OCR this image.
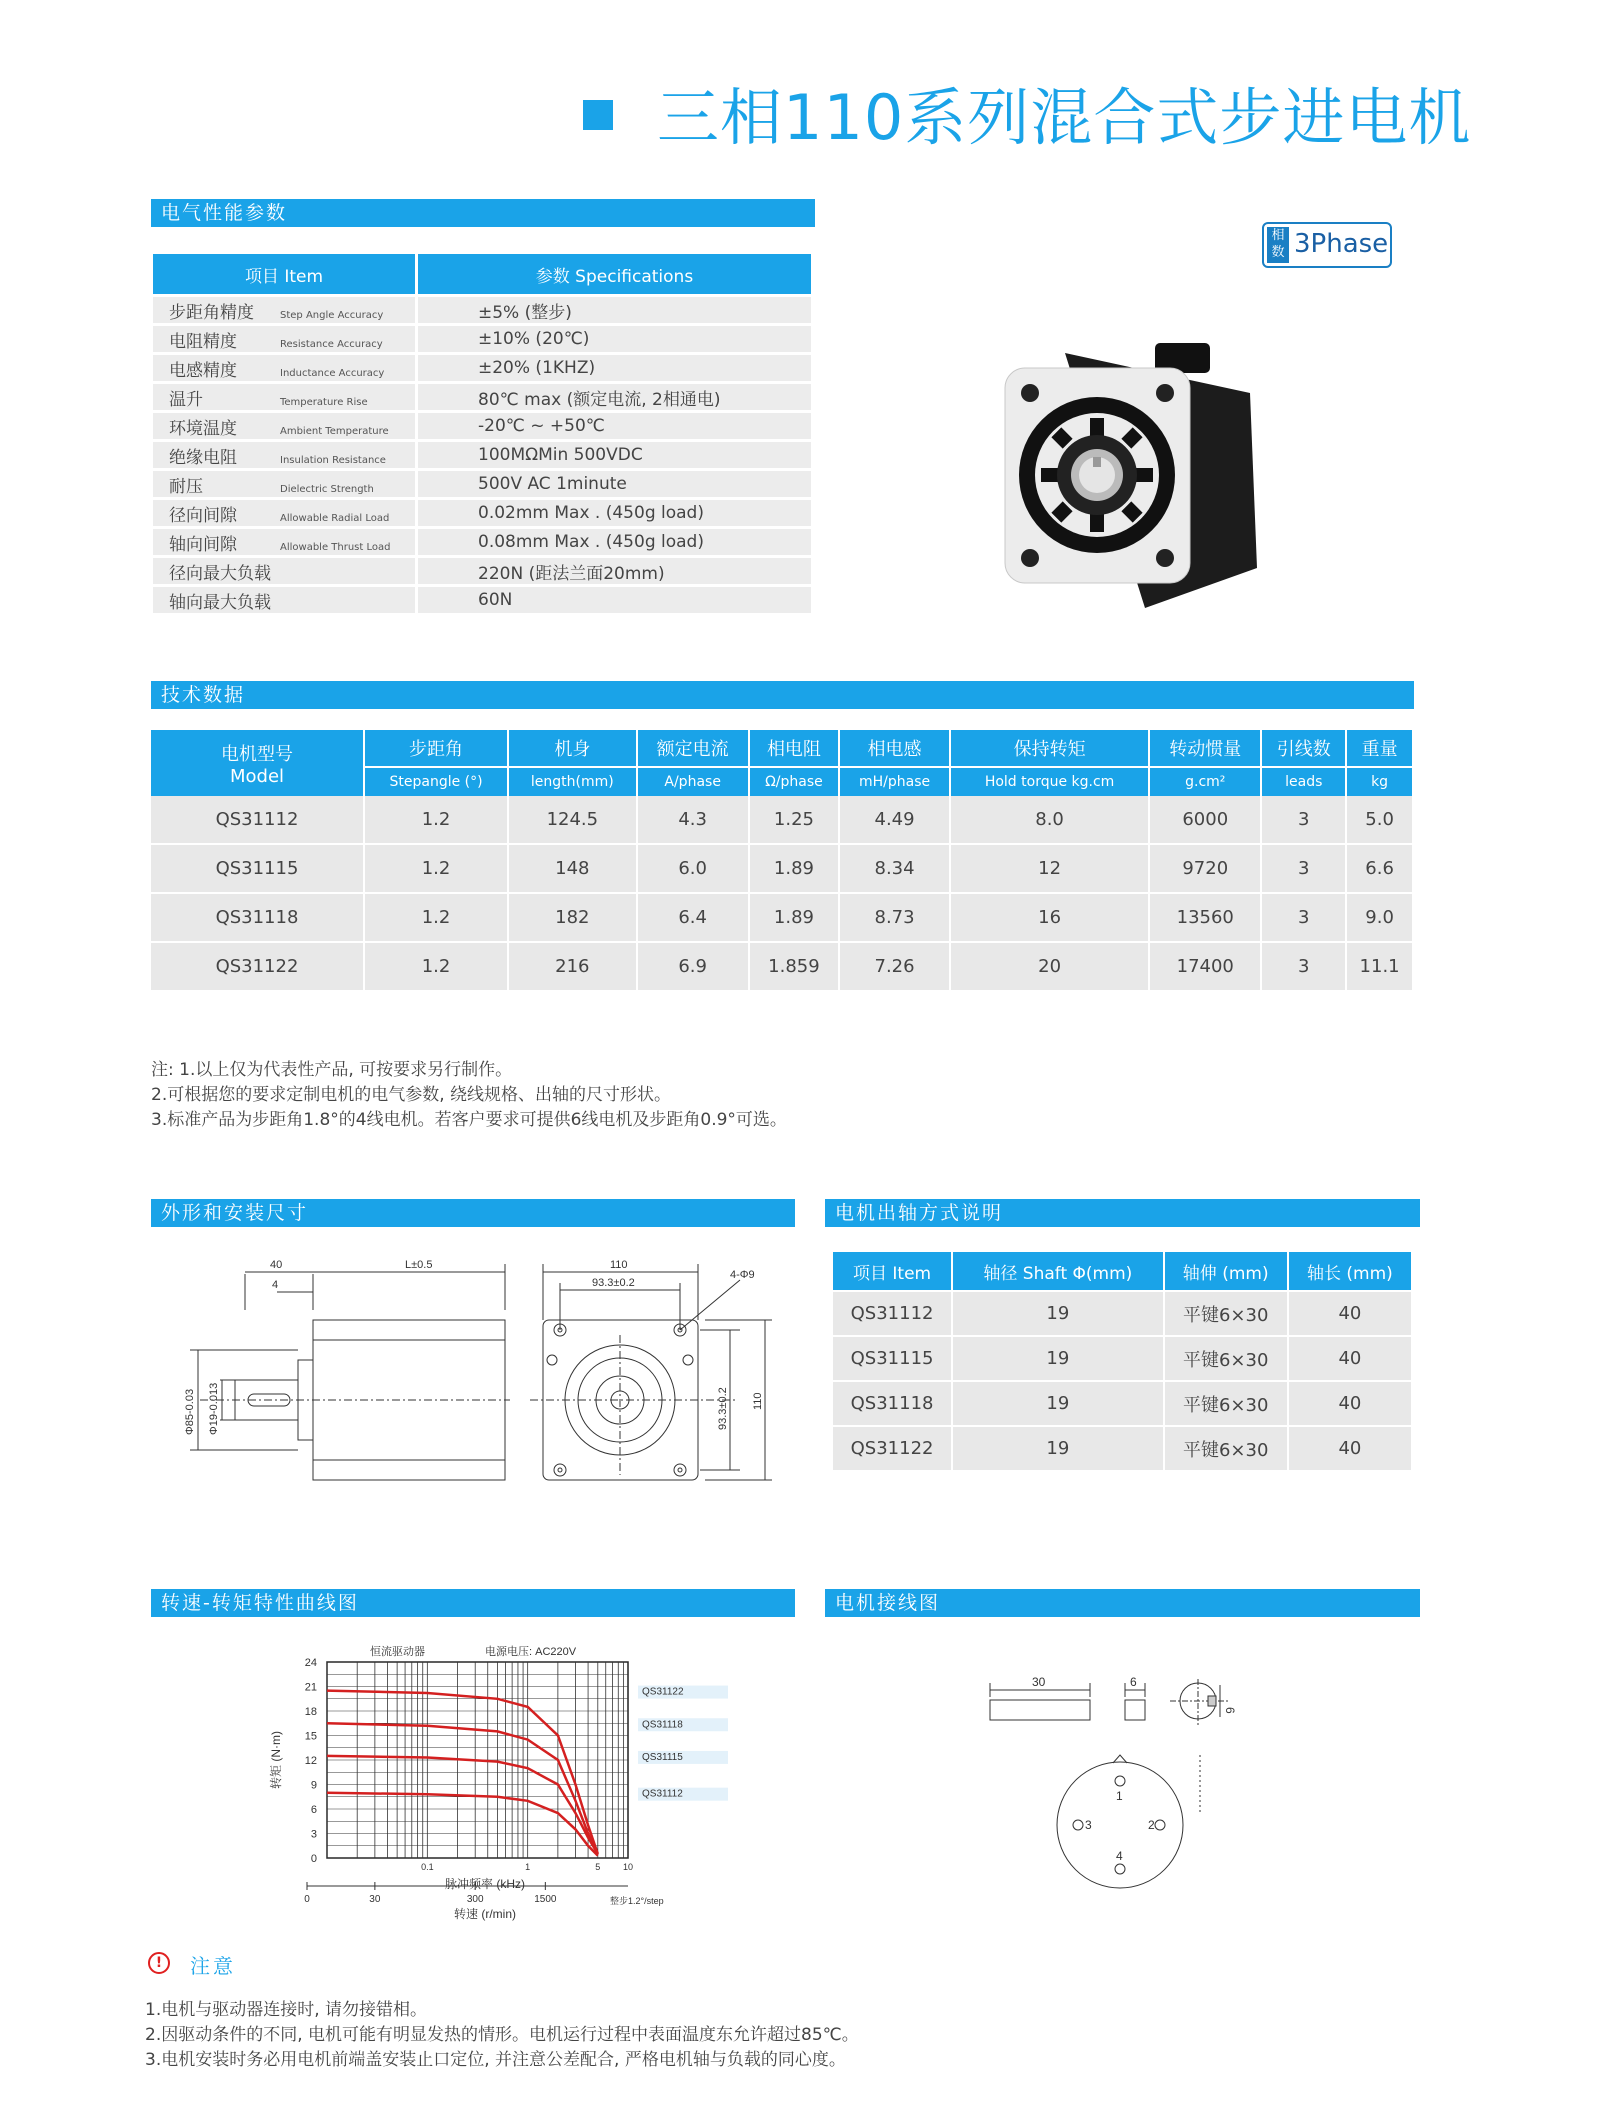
三相110系列混合式步进电机
电气性能参数
相数 3Phase
项目 Item	参数 Specifications
步距角精度 Step Angle Accuracy	±5% (整步)
电阻精度 Resistance Accuracy	±10% (20℃)
电感精度 Inductance Accuracy	±20% (1KHZ)
温升 Temperature Rise	80℃ max (额定电流, 2相通电)
环境温度 Ambient Temperature	-20℃ ~ +50℃
绝缘电阻 Insulation Resistance	100MΩMin 500VDC
耐压 Dielectric Strength	500V AC 1minute
径向间隙 Allowable Radial Load	0.02mm Max . (450g load)
轴向间隙 Allowable Thrust Load	0.08mm Max . (450g load)
径向最大负载	220N (距法兰面20mm)
轴向最大负载	60N
技术数据
电机型号
Model	步距角	机身	额定电流	相电阻	相电感	保持转矩	转动惯量	引线数	重量
	Stepangle (°)	length(mm)	A/phase	Ω/phase	mH/phase	Hold torque kg.cm	g.cm²	leads	kg
QS31112	1.2	124.5	4.3	1.25	4.49	8.0	6000	3	5.0
QS31115	1.2	148	6.0	1.89	8.34	12	9720	3	6.6
QS31118	1.2	182	6.4	1.89	8.73	16	13560	3	9.0
QS31122	1.2	216	6.9	1.859	7.26	20	17400	3	11.1
注: 1.以上仅为代表性产品, 可按要求另行制作。
2.可根据您的要求定制电机的电气参数, 绕线规格、出轴的尺寸形状。
3.标准产品为步距角1.8°的4线电机。若客户要求可提供6线电机及步距角0.9°可选。
外形和安装尺寸	电机出轴方式说明
40
4
L±0.5	110
93.3±0.2
4-Φ9
Φ85-0.03 Φ19-0.013	93.3±0.2 110
项目 Item	轴径 Shaft Φ(mm)	轴伸 (mm)	轴长 (mm)
QS31112	19	平键6×30	40
QS31115	19	平键6×30	40
QS31118	19	平键6×30	40
QS31122	19	平键6×30	40
转速-转矩特性曲线图	电机接线图
0
3
6
9
12
15
18
21
24
0.1	1	5	10
0	30	300	1500
恒流驱动器	电源电压: AC220V
整步1.2°/step
转矩 (N·m)
脉冲频率 (kHz)
转速 (r/min)
QS31122
QS31118
QS31115
QS31112
30	6
6
1
2
3
4
!	注意
1.电机与驱动器连接时, 请勿接错相。
2.因驱动条件的不同, 电机可能有明显发热的情形。电机运行过程中表面温度东允许超过85℃。
3.电机安装时务必用电机前端盖安装止口定位, 并注意公差配合, 严格电机轴与负载的同心度。
